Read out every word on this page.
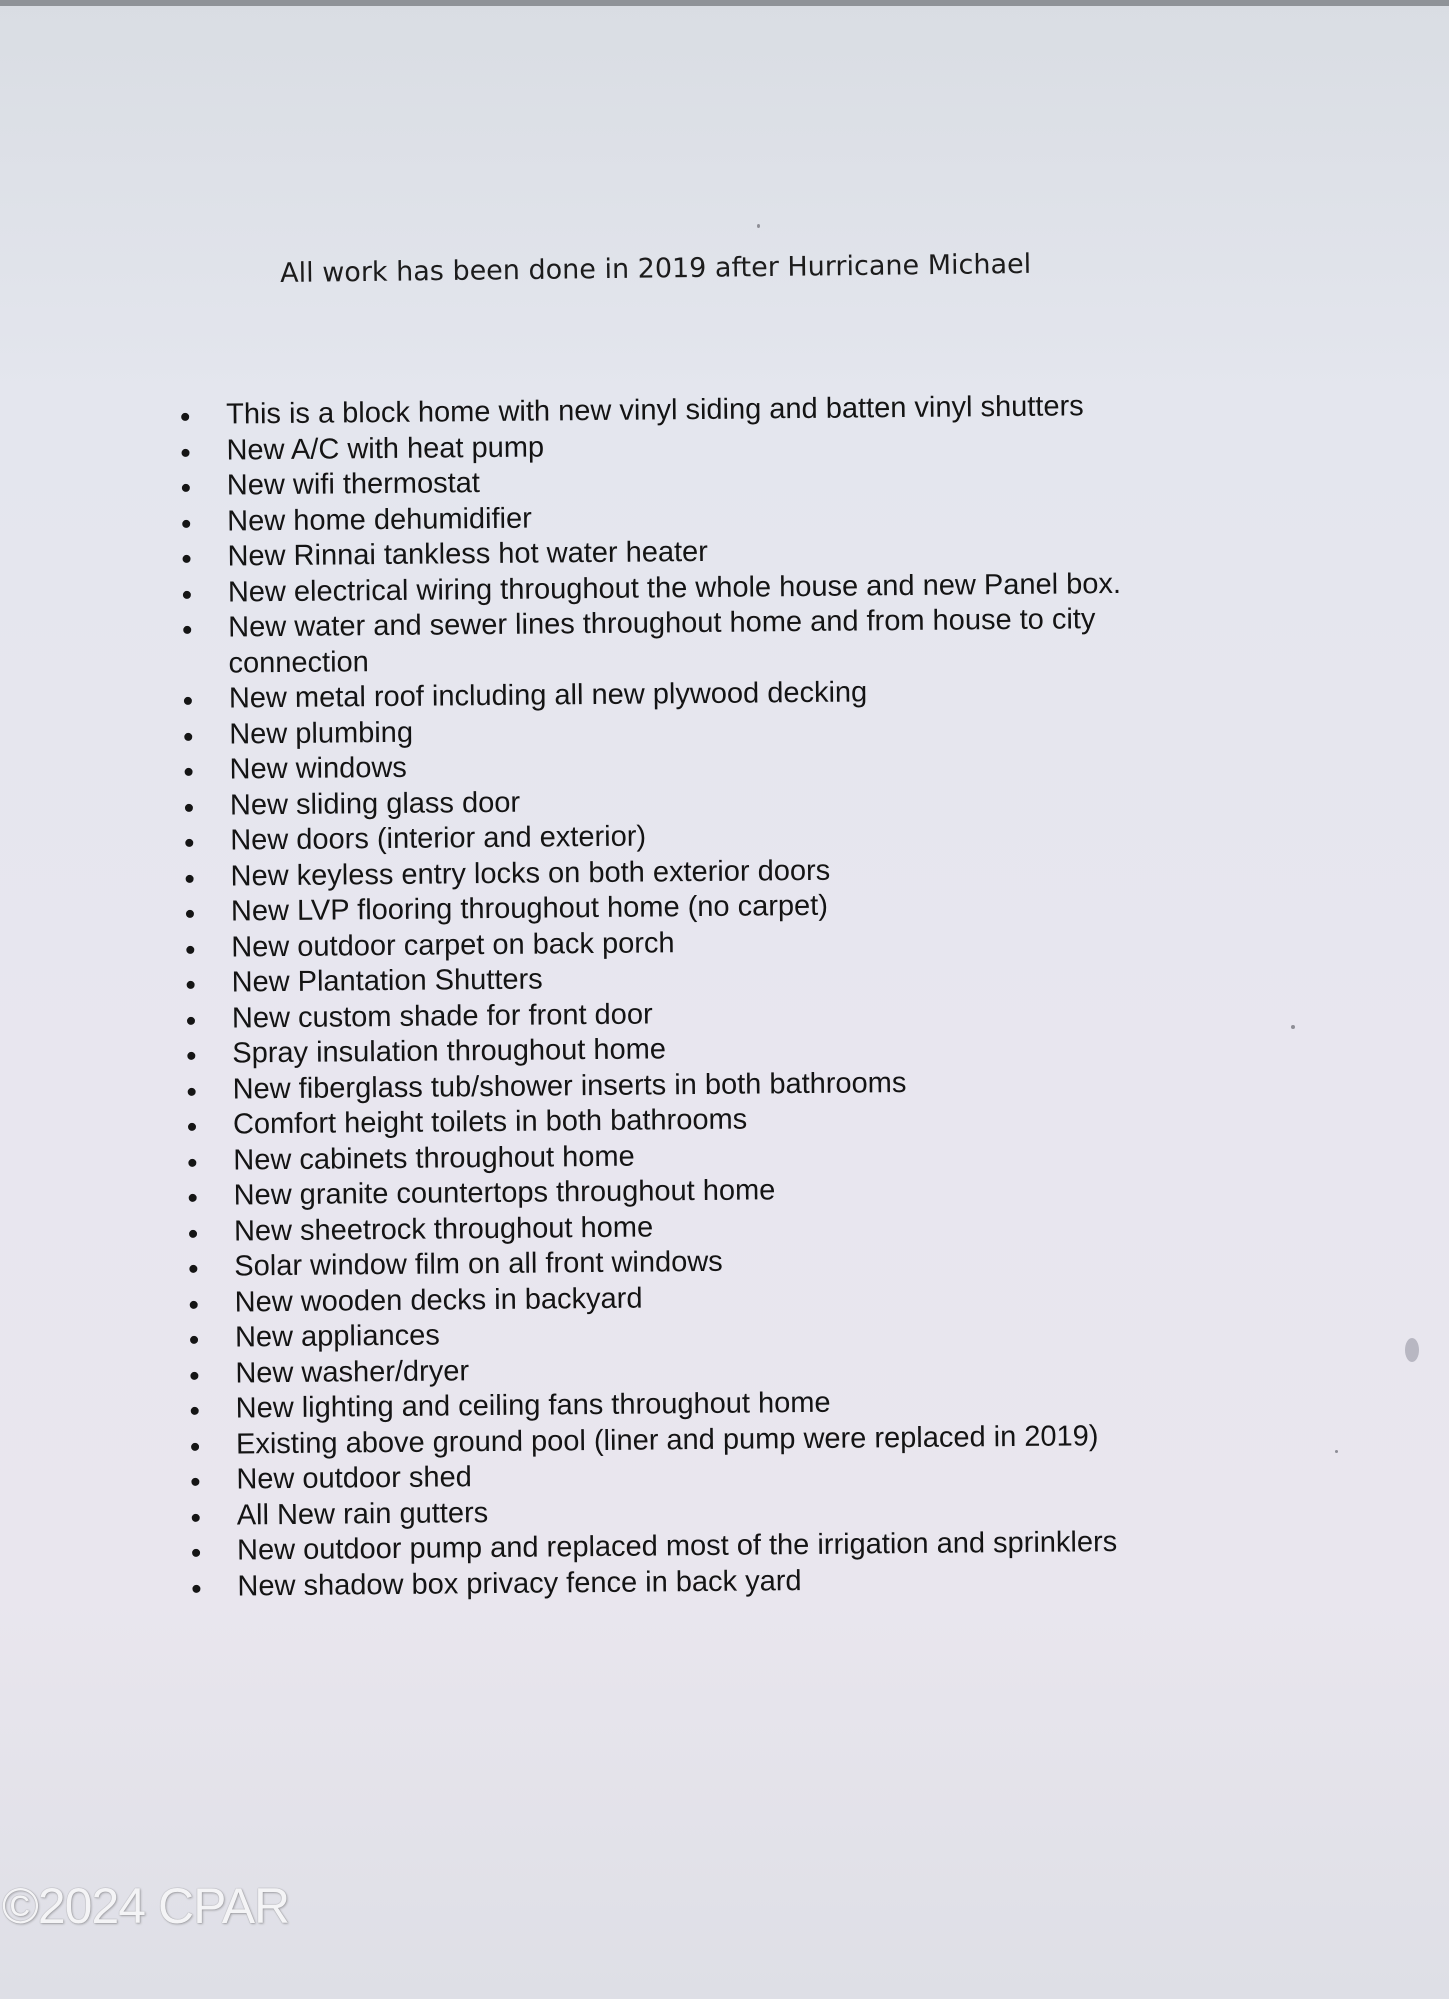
All work has been done in 2019 after Hurricane Michael
This is a block home with new vinyl siding and batten vinyl shutters
New A/C with heat pump
New wifi thermostat
New home dehumidifier
New Rinnai tankless hot water heater
New electrical wiring throughout the whole house and new Panel box.
New water and sewer lines throughout home and from house to city connection
New metal roof including all new plywood decking
New plumbing
New windows
New sliding glass door
New doors (interior and exterior)
New keyless entry locks on both exterior doors
New LVP flooring throughout home (no carpet)
New outdoor carpet on back porch
New Plantation Shutters
New custom shade for front door
Spray insulation throughout home
New fiberglass tub/shower inserts in both bathrooms
Comfort height toilets in both bathrooms
New cabinets throughout home
New granite countertops throughout home
New sheetrock throughout home
Solar window film on all front windows
New wooden decks in backyard
New appliances
New washer/dryer
New lighting and ceiling fans throughout home
Existing above ground pool (liner and pump were replaced in 2019)
New outdoor shed
All New rain gutters
New outdoor pump and replaced most of the irrigation and sprinklers
New shadow box privacy fence in back yard
©2024 CPAR
